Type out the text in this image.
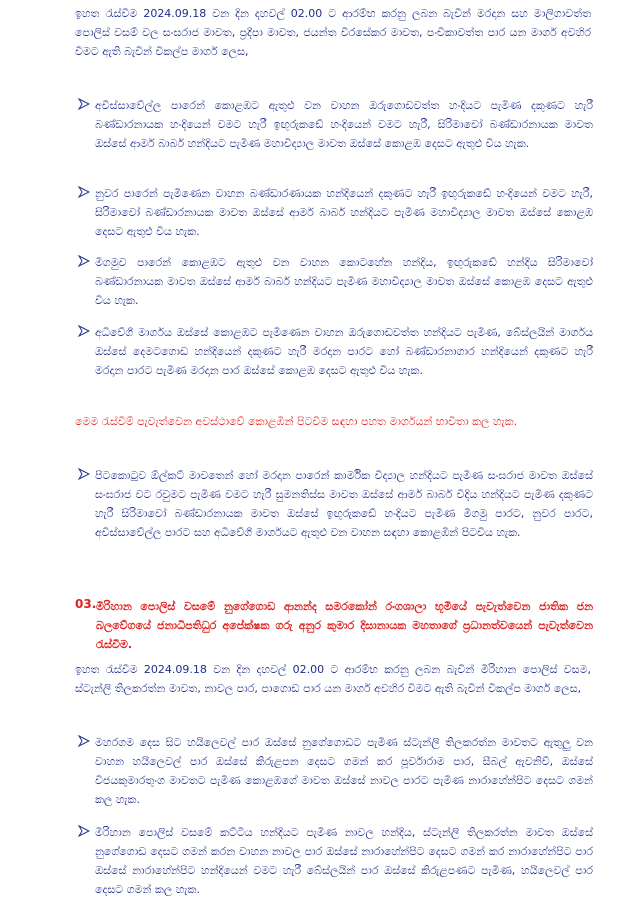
ඉහත රැස්වීම 2024.09.18 වන දින දහවල් 02.00 ට ආරම්භ කරනු ලබන බැවින් මරදාන සහ මාලිගාවත්ත පොලිස් වසම් වල සංඝරාජ මාවත, ප්‍රදීපා මාවත, ජයන්ත වීරසේකර මාවත, පංචිකාවත්ත පාර යන මාර්ග අවහිර වීමට ඇති බැවින් විකල්ප මාර්ග ලෙස,

අවිස්සාවේල්ල පාරෙන් කොළඹට ඇතුළු වන වාහන ඔරුගොඩවත්ත හංදියට පැමිණ දකුණට හැරී බණ්ඩාරනායක හංදියෙන් වමට හැරී ඉඟුරුකඩේ හංදියෙන් වමට හැරී, සිරිමාවෝ බණ්ඩාරනායක මාවත ඔස්සේ ආමර් බාබර් හන්දියට පැමිණ මහාවිද්‍යාල මාවත ඔස්සේ කොළඹ දෙසට ඇතුළු විය හැක.

නුවර පාරෙන් පැමිණෙන වාහන බණ්ඩාරණායක හන්දියෙන් දකුණට හැරී ඉඟුරුකඩේ හංදියෙන් වමට හැරී, සිරිමාවෝ බණ්ඩාරනායක මාවත ඔස්සේ ආමර් බාබර් හන්දියට පැමිණ මහාවිද්‍යාල මාවත ඔස්සේ කොළඹ දෙසට ඇතුළු විය හැක.

මීගමුව පාරෙන් කොළඹට ඇතුළු වන වාහන කොටහේන හන්දිය, ඉඟුරුකඩේ හන්දිය සිරිමාවෝ බණ්ඩාරනායක මාවත ඔස්සේ ආමර් බාබර් හන්දියට පැමිණ මහාවිද්‍යාල මාවත ඔස්සේ කොළඹ දෙසට ඇතුළු විය හැක.

අධිවේගී මාර්ගය ඔස්සේ කොළඹට පැමිණෙන වාහන ඔරුගොඩවත්ත හන්දියට පැමිණ, බේස්ලයින් මාර්ගය ඔස්සේ දෙමටගොඩ හන්දියෙන් දකුණට හැරී මරදාන පාරට හෝ බණ්ඩාරනාගාර හන්දියෙන් දකුණට හැරී මරදාන පාරට පැමිණ මරදාන පාර ඔස්සේ කොළඹ දෙසට ඇතුළු විය හැක.

මෙම රැස්වීම් පැවැත්වෙන අවස්ථාවේ කොළඹින් පිටවීම සඳහා පහත මාර්ගයන් භාවිතා කල හැක.

පිටකොටුව ඕල්කට් මාවතෙන් හෝ මරදාන පාරෙන් කාර්මික විද්‍යාල හන්දියට පැමිණ සංඝරාජ මාවත ඔස්සේ සංඝරාජ වට රවුමට පැමිණ වමට හැරී සුමනතිස්ස මාවත ඔස්සේ ආමර් බාබර් වීදිය හන්දියට පැමිණ දකුණට හැරී සිරිමාවෝ බණ්ඩාරනායක මාවත ඔස්සේ ඉඟුරුකඩේ හංදියට පැමිණ මීගමු පාරට, නුවර පාරට, අවිස්සාවේල්ල පාරට සහ අධිවේගී මාර්ගයට ඇතුළු වන වාහන සඳහා කොළඹින් පිටවිය හැක.

03. මිරිහාන පොලිස් වසමේ නුගේගොඩ ආනන්ද සමරකෝන් රංගශාලා භූමියේ පැවැත්වෙන ජාතික ජන බලවේගයේ ජනාධිපතිධුර අපේක්ෂක ගරු අනුර කුමාර දිසානායක මහතාගේ ප්‍රධානත්වයෙන් පැවැත්වෙන රැස්වීම.

ඉහත රැස්වීම 2024.09.18 වන දින දහවල් 02.00 ට ආරම්භ කරනු ලබන බැවින් මිරිහාන පොලිස් වසම, ස්ටැන්ලි තිලකරත්න මාවත, නාවල පාර, පාගොඩ පාර යන මාර්ග අවහිර වීමට ඇති බැවින් විකල්ප මාර්ග ලෙස,

මහරගම දෙස සිට හයිලෙවල් පාර ඔස්සේ නුගේගොඩට පැමිණ ස්ටැන්ලි තිලකරත්න මාවතට ඇතුලු වන වාහන හයිලෙවල් පාර ඔස්සේ කිරුළපන දෙසට ගමන් කර පූර්වාරාම පාර, සීබල් ඇවනිව්, ඔස්සේ විජයකුමාරතුංග මාවතට පැමිණ කොළඹගේ මාවත ඔස්සේ නාවල පාරට පැමිණ නාරාහේන්පිට දෙසට ගමන් කල හැක.

මිරිහාන පොලිස් වසමේ කට්ටිය හන්දියට පැමිණ නාවල හන්දිය, ස්ටැන්ලි තිලකරත්න මාවත ඔස්සේ නුගේගොඩ දෙසට ගමන් කරන වාහන නාවල පාර ඔස්සේ නාරාහේන්පිට දෙසට ගමන් කර නාරාහේන්පිට පාර ඔස්සේ නාරාහේන්පිට හන්දියෙන් වමට හැරී බේස්ලයින් පාර ඔස්සේ කිරුළපණට පැමිණ, හයිලෙවල් පාර දෙසට ගමන් කල හැක.
